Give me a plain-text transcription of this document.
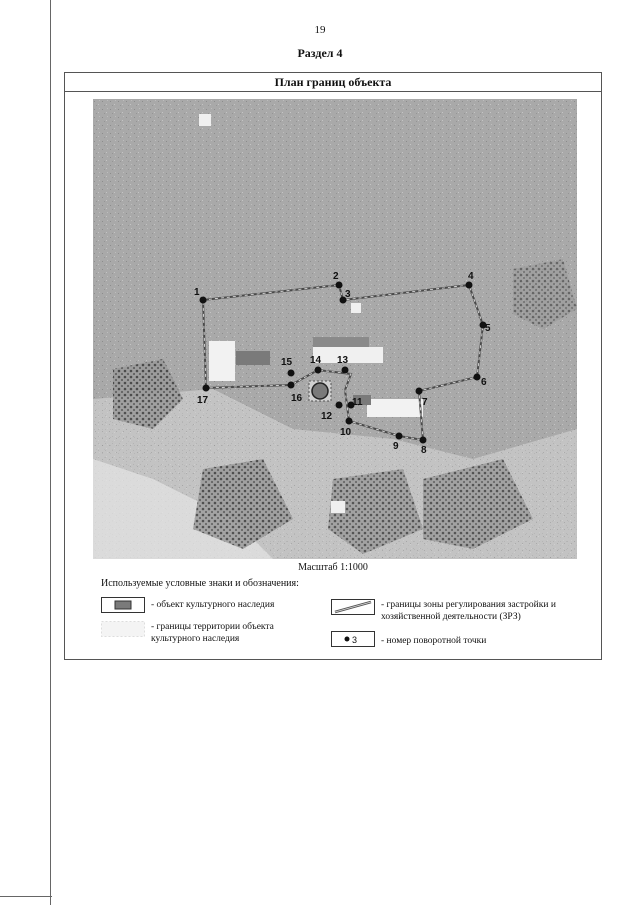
19
Раздел 4
План границ объекта
1
2
3
4
5
6
7
8
9
10
11
12
13
14
15
16
17
Масштаб 1:1000
Используемые условные знаки и обозначения:
- объект культурного наследия
- границы территории объекта культурного наследия
- границы зоны регулирования застройки и хозяйственной деятельности (ЗРЗ)
3	- номер поворотной точки
